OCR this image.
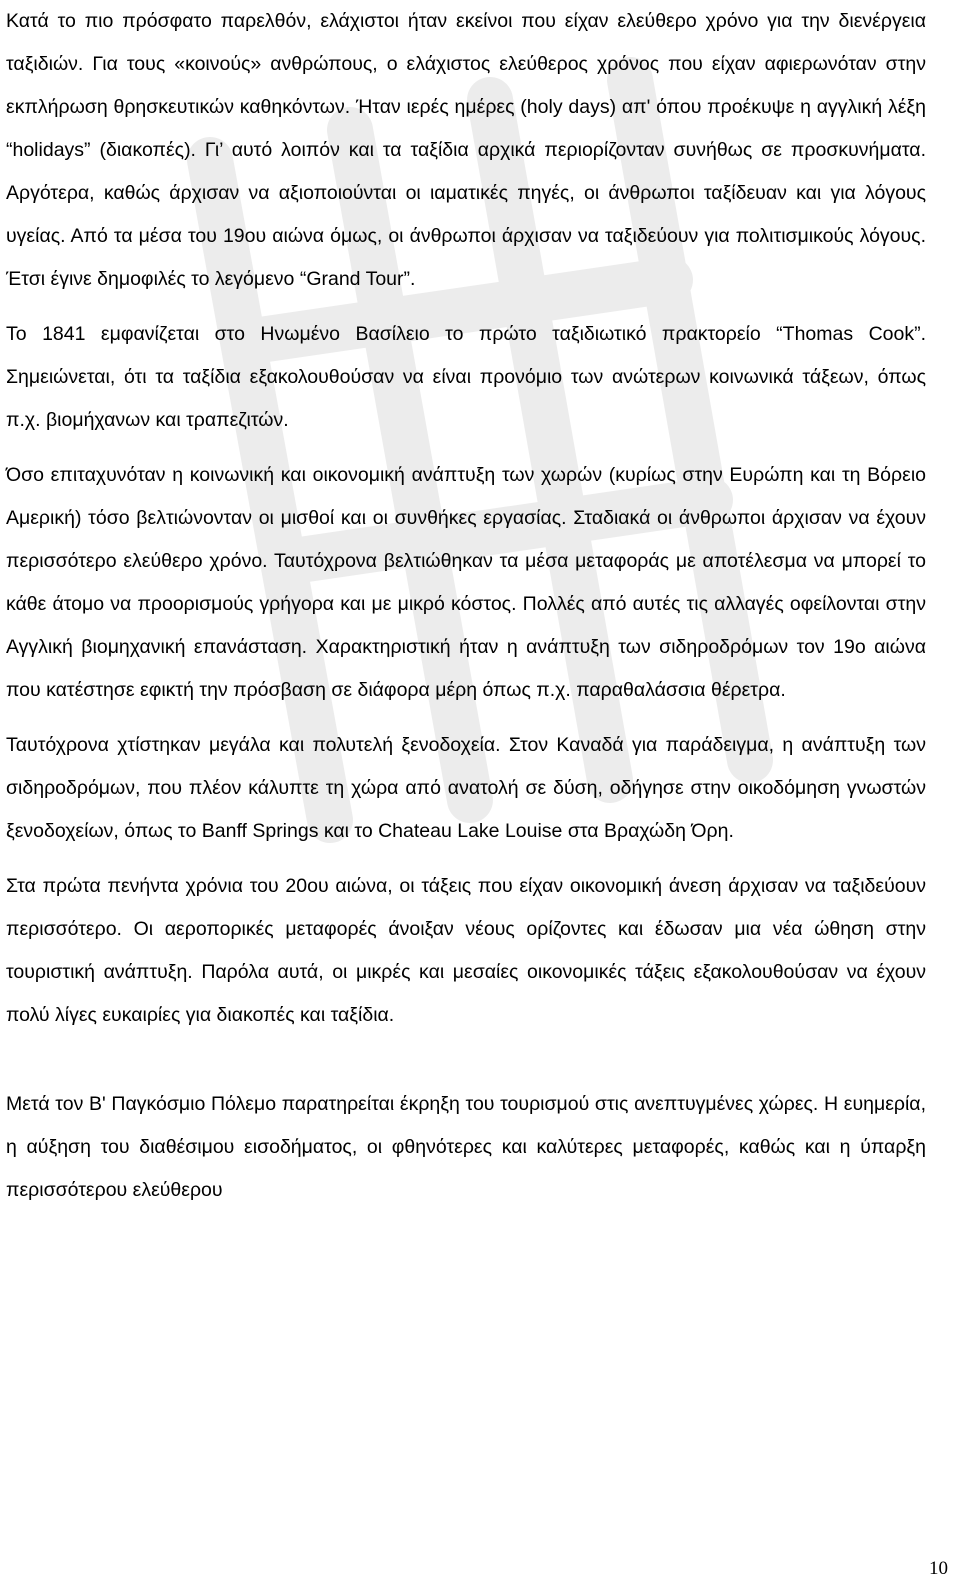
Κατά το πιο πρόσφατο παρελθόν, ελάχιστοι ήταν εκείνοι που είχαν ελεύθερο χρόνο για την διενέργεια ταξιδιών. Για τους «κοινούς» ανθρώπους, ο ελάχιστος ελεύθερος χρόνος που είχαν αφιερωνόταν στην εκπλήρωση θρησκευτικών καθηκόντων. Ήταν ιερές ημέρες (holy days) απ' όπου προέκυψε η αγγλική λέξη “holidays” (διακοπές). Γι’ αυτό λοιπόν και τα ταξίδια αρχικά περιορίζονταν συνήθως σε προσκυνήματα. Αργότερα, καθώς άρχισαν να αξιοποιούνται οι ιαματικές πηγές, οι άνθρωποι ταξίδευαν και για λόγους υγείας. Από τα μέσα του 19ου αιώνα όμως, οι άνθρωποι άρχισαν να ταξιδεύουν για πολιτισμικούς λόγους. Έτσι έγινε δημοφιλές το λεγόμενο “Grand Tour”.

Το 1841 εμφανίζεται στο Ηνωμένο Βασίλειο το πρώτο ταξιδιωτικό πρακτορείο “Thomas Cook”. Σημειώνεται, ότι τα ταξίδια εξακολουθούσαν να είναι προνόμιο των ανώτερων κοινωνικά τάξεων, όπως π.χ. βιομήχανων και τραπεζιτών.

Όσο επιταχυνόταν η κοινωνική και οικονομική ανάπτυξη των χωρών (κυρίως στην Ευρώπη και τη Βόρειο Αμερική) τόσο βελτιώνονταν οι μισθοί και οι συνθήκες εργασίας. Σταδιακά οι άνθρωποι άρχισαν να έχουν περισσότερο ελεύθερο χρόνο. Ταυτόχρονα βελτιώθηκαν τα μέσα μεταφοράς με αποτέλεσμα να μπορεί το κάθε άτομο να προορισμούς γρήγορα και με μικρό κόστος. Πολλές από αυτές τις αλλαγές οφείλονται στην Αγγλική βιομηχανική επανάσταση. Χαρακτηριστική ήταν η ανάπτυξη των σιδηροδρόμων τον 19ο αιώνα που κατέστησε εφικτή την πρόσβαση σε διάφορα μέρη όπως π.χ. παραθαλάσσια θέρετρα.

Ταυτόχρονα χτίστηκαν μεγάλα και πολυτελή ξενοδοχεία. Στον Καναδά για παράδειγμα, η ανάπτυξη των σιδηροδρόμων, που πλέον κάλυπτε τη χώρα από ανατολή σε δύση, οδήγησε στην οικοδόμηση γνωστών ξενοδοχείων, όπως το Banff Springs και το Chateau Lake Louise στα Βραχώδη Όρη.

Στα πρώτα πενήντα χρόνια του 20ου αιώνα, οι τάξεις που είχαν οικονομική άνεση άρχισαν να ταξιδεύουν περισσότερο. Οι αεροπορικές μεταφορές άνοιξαν νέους ορίζοντες και έδωσαν μια νέα ώθηση στην τουριστική ανάπτυξη. Παρόλα αυτά, οι μικρές και μεσαίες οικονομικές τάξεις εξακολουθούσαν να έχουν πολύ λίγες ευκαιρίες για διακοπές και ταξίδια.

Μετά τον Β' Παγκόσμιο Πόλεμο παρατηρείται έκρηξη του τουρισμού στις ανεπτυγμένες χώρες. Η ευημερία, η αύξηση του διαθέσιμου εισοδήματος, οι φθηνότερες και καλύτερες μεταφορές, καθώς και η ύπαρξη περισσότερου ελεύθερου

10
